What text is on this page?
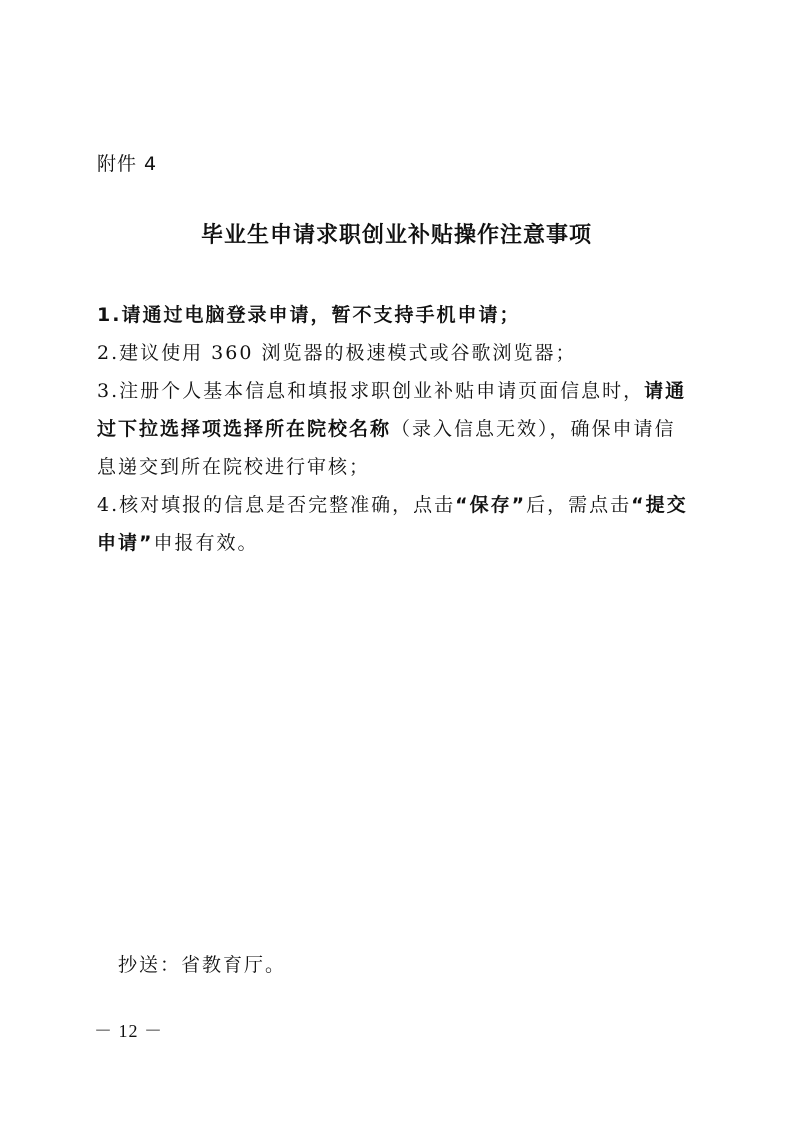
附件 4
毕业生申请求职创业补贴操作注意事项

1.请通过电脑登录申请，暂不支持手机申请；

2.建议使用 360 浏览器的极速模式或谷歌浏览器；

3.注册个人基本信息和填报求职创业补贴申请页面信息时，请通过下拉选择项选择所在院校名称（录入信息无效），确保申请信息递交到所在院校进行审核；

4.核对填报的信息是否完整准确，点击“保存”后，需点击“提交申请”申报有效。

抄送：省教育厅。
－ 12 －
